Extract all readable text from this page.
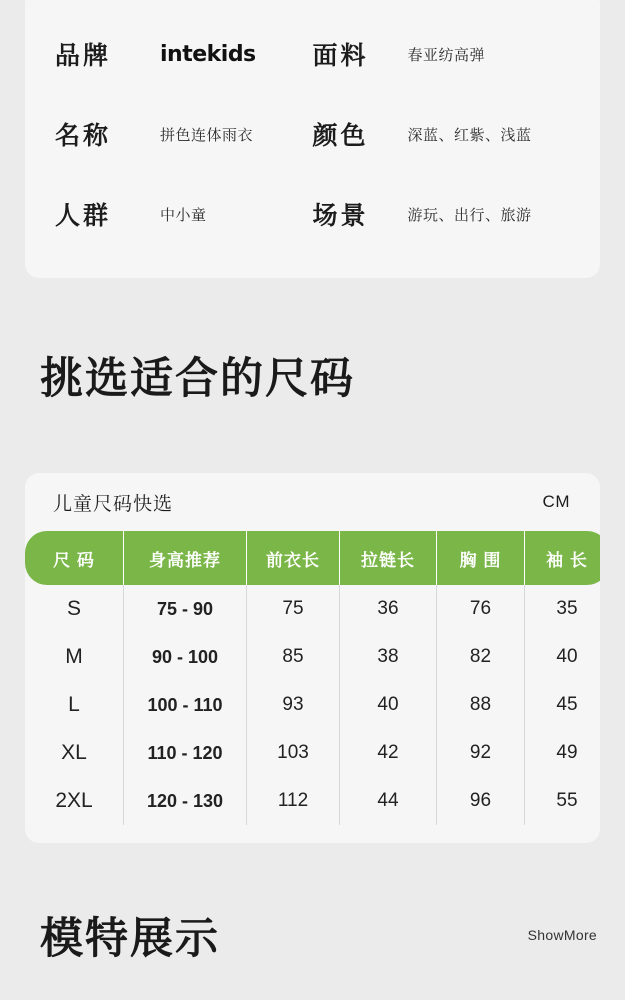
品牌	intekids 面料	春亚纺高弹
名称	拼色连体雨衣 颜色	深蓝、红紫、浅蓝
人群	中小童	场景	游玩、出行、旅游
挑选适合的尺码
儿童尺码快选	CM
尺 码	身高推荐	前衣长	拉链长	胸 围	袖 长
S	75 - 90	75	36	76	35
M	90 - 100	85	38	82	40
L	100 - 110	93	40	88	45
XL	110 - 120	103	42	92	49
2XL	120 - 130	112	44	96	55
模特展示	ShowMore
